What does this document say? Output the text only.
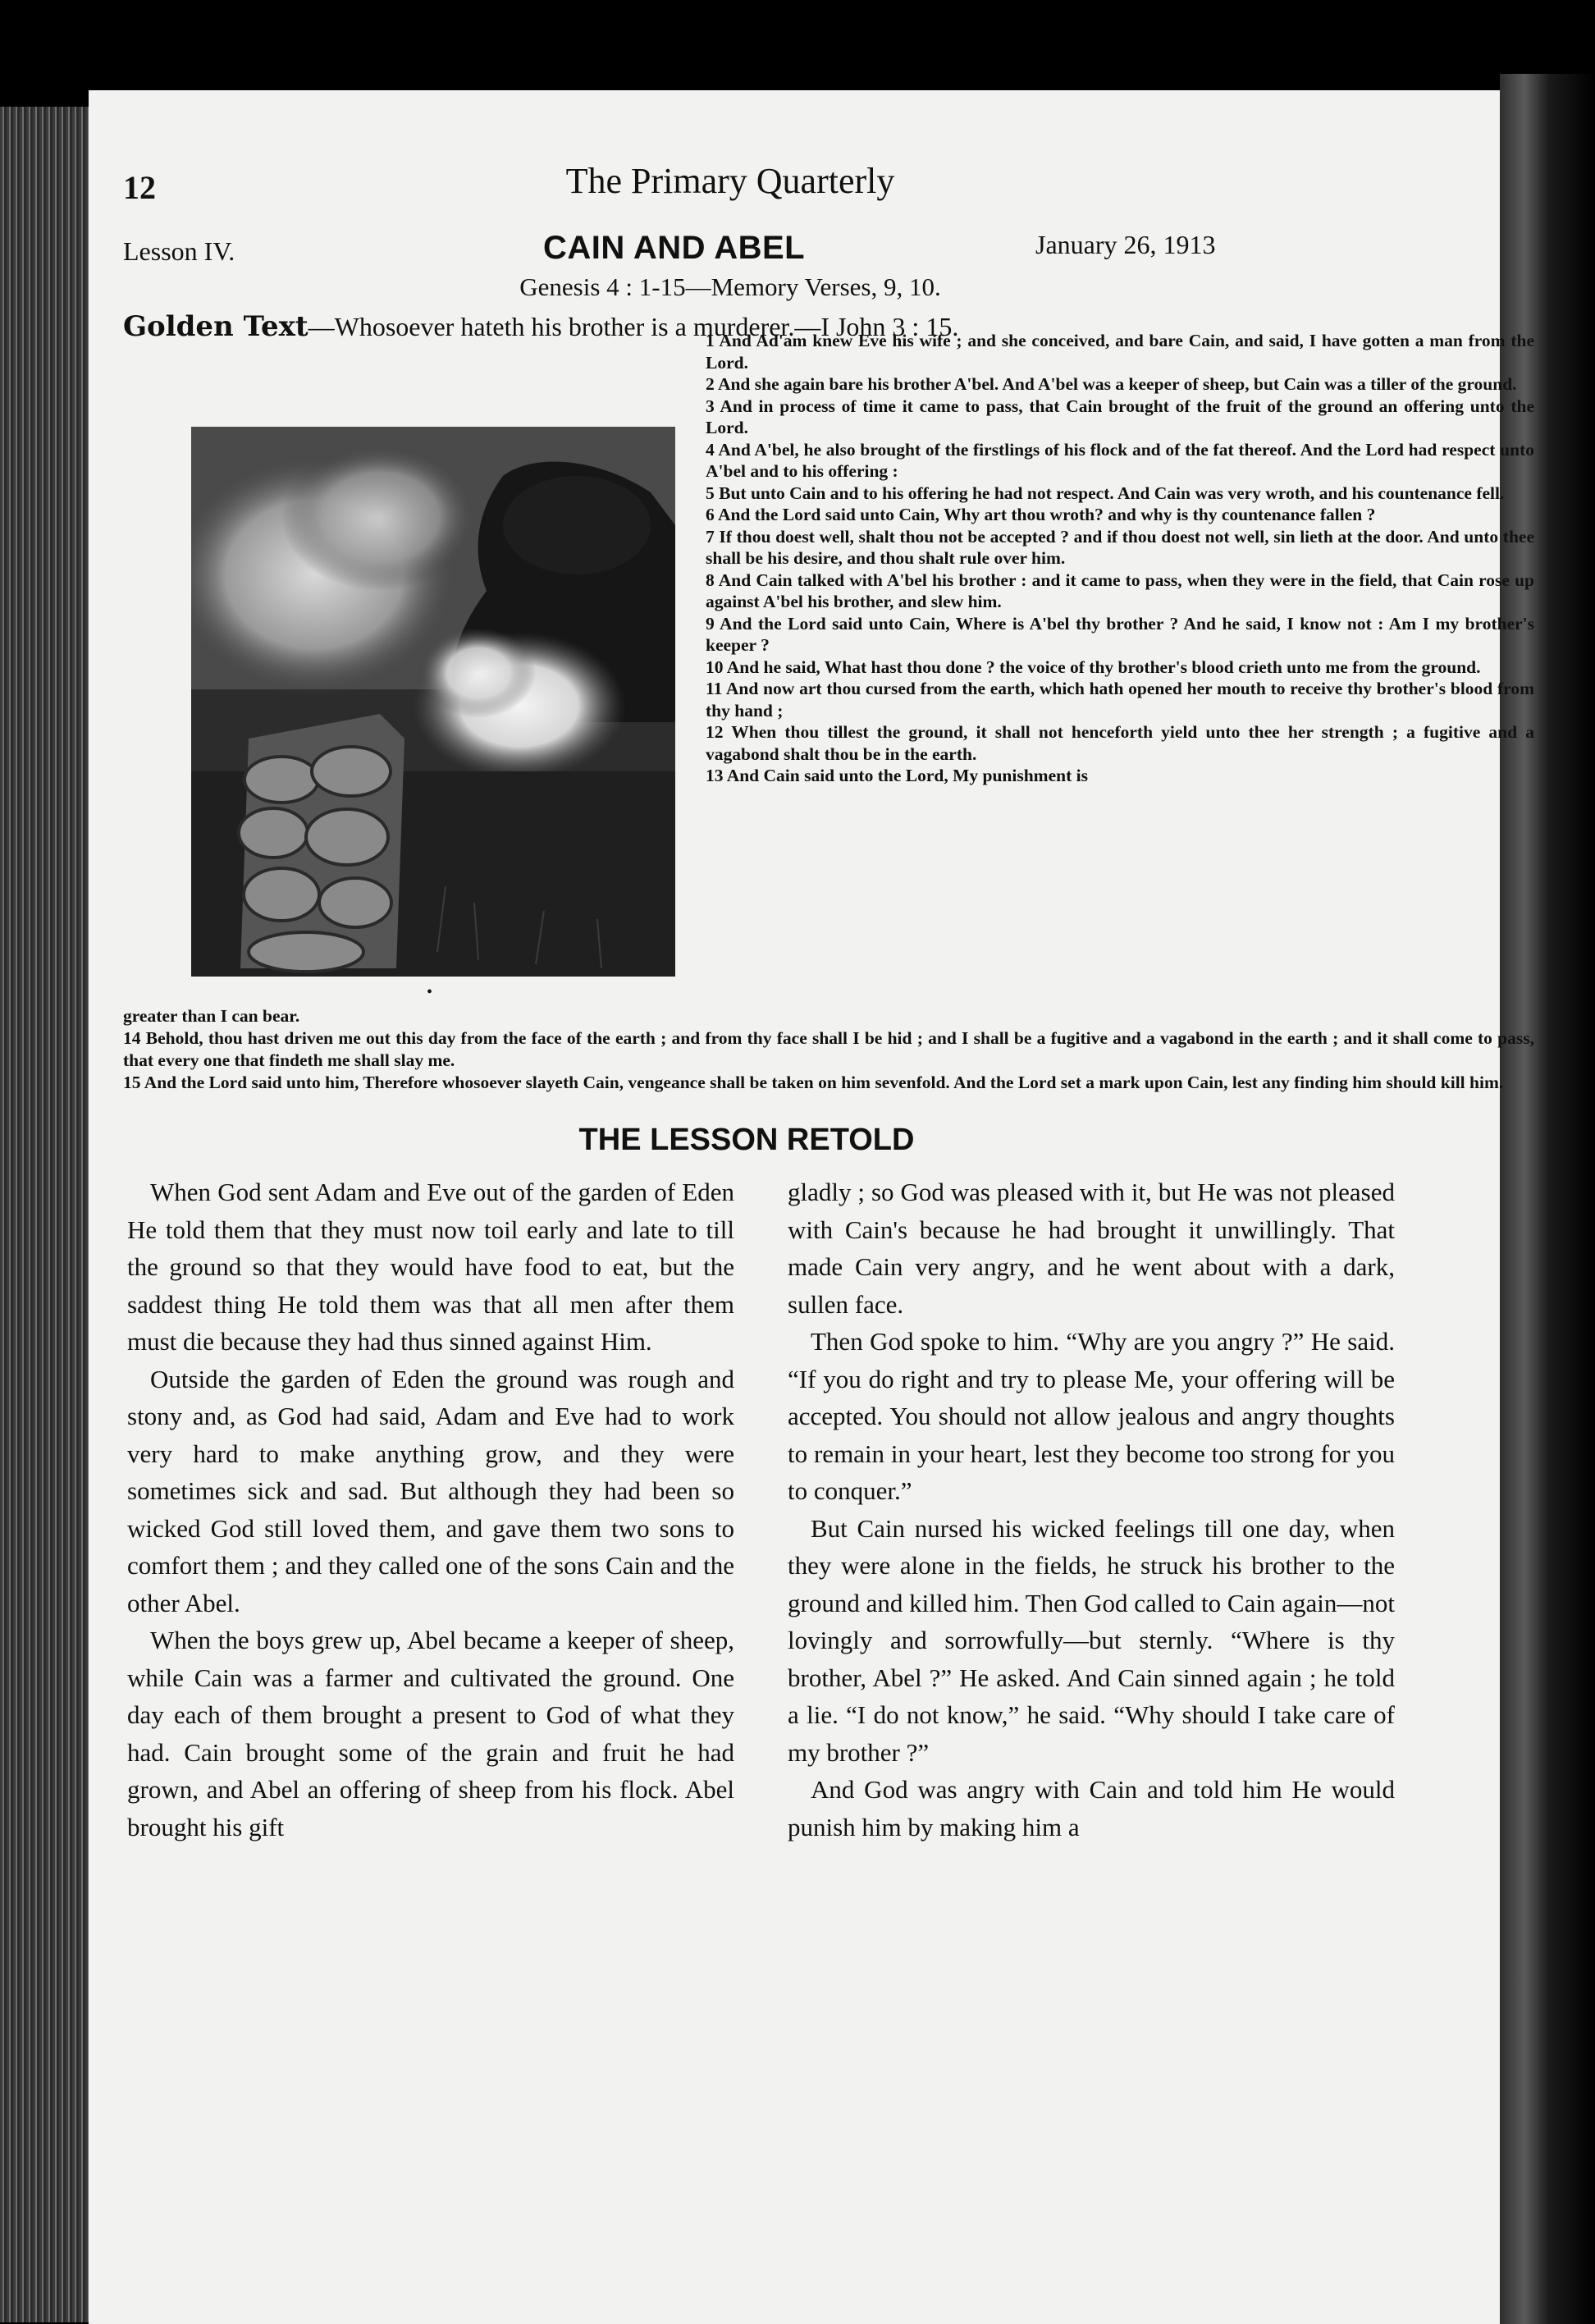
12	The Primary Quarterly

Lesson IV.	CAIN AND ABEL	January 26, 1913

Genesis 4 : 1-15—Memory Verses, 9, 10.

Golden Text—Whosoever hateth his brother is a murderer.—I John 3 : 15.

•

1 And Ad'am knew Eve his wife ; and she conceived, and bare Cain, and said, I have gotten a man from the Lord.

2 And she again bare his brother A'bel. And A'bel was a keeper of sheep, but Cain was a tiller of the ground.

3 And in process of time it came to pass, that Cain brought of the fruit of the ground an offering unto the Lord.

4 And A'bel, he also brought of the firstlings of his flock and of the fat thereof. And the Lord had respect unto A'bel and to his offering :

5 But unto Cain and to his offering he had not respect. And Cain was very wroth, and his countenance fell.

6 And the Lord said unto Cain, Why art thou wroth? and why is thy countenance fallen ?

7 If thou doest well, shalt thou not be accepted ? and if thou doest not well, sin lieth at the door. And unto thee shall be his desire, and thou shalt rule over him.

8 And Cain talked with A'bel his brother : and it came to pass, when they were in the field, that Cain rose up against A'bel his brother, and slew him.

9 And the Lord said unto Cain, Where is A'bel thy brother ? And he said, I know not : Am I my brother's keeper ?

10 And he said, What hast thou done ? the voice of thy brother's blood crieth unto me from the ground.

11 And now art thou cursed from the earth, which hath opened her mouth to receive thy brother's blood from thy hand ;

12 When thou tillest the ground, it shall not henceforth yield unto thee her strength ; a fugitive and a vagabond shalt thou be in the earth.

13 And Cain said unto the Lord, My punishment is

greater than I can bear.

14 Behold, thou hast driven me out this day from the face of the earth ; and from thy face shall I be hid ; and I shall be a fugitive and a vagabond in the earth ; and it shall come to pass, that every one that findeth me shall slay me.

15 And the Lord said unto him, Therefore whosoever slayeth Cain, vengeance shall be taken on him sevenfold. And the Lord set a mark upon Cain, lest any finding him should kill him.

THE LESSON RETOLD

When God sent Adam and Eve out of the garden of Eden He told them that they must now toil early and late to till the ground so that they would have food to eat, but the saddest thing He told them was that all men after them must die because they had thus sinned against Him.

Outside the garden of Eden the ground was rough and stony and, as God had said, Adam and Eve had to work very hard to make anything grow, and they were sometimes sick and sad. But although they had been so wicked God still loved them, and gave them two sons to comfort them ; and they called one of the sons Cain and the other Abel.

When the boys grew up, Abel became a keeper of sheep, while Cain was a farmer and cultivated the ground. One day each of them brought a present to God of what they had. Cain brought some of the grain and fruit he had grown, and Abel an offering of sheep from his flock. Abel brought his gift

gladly ; so God was pleased with it, but He was not pleased with Cain's because he had brought it unwillingly. That made Cain very angry, and he went about with a dark, sullen face.

Then God spoke to him. “Why are you angry ?” He said. “If you do right and try to please Me, your offering will be accepted. You should not allow jealous and angry thoughts to remain in your heart, lest they become too strong for you to conquer.”

But Cain nursed his wicked feelings till one day, when they were alone in the fields, he struck his brother to the ground and killed him. Then God called to Cain again—not lovingly and sorrowfully—but sternly. “Where is thy brother, Abel ?” He asked. And Cain sinned again ; he told a lie. “I do not know,” he said. “Why should I take care of my brother ?”

And God was angry with Cain and told him He would punish him by making him a
